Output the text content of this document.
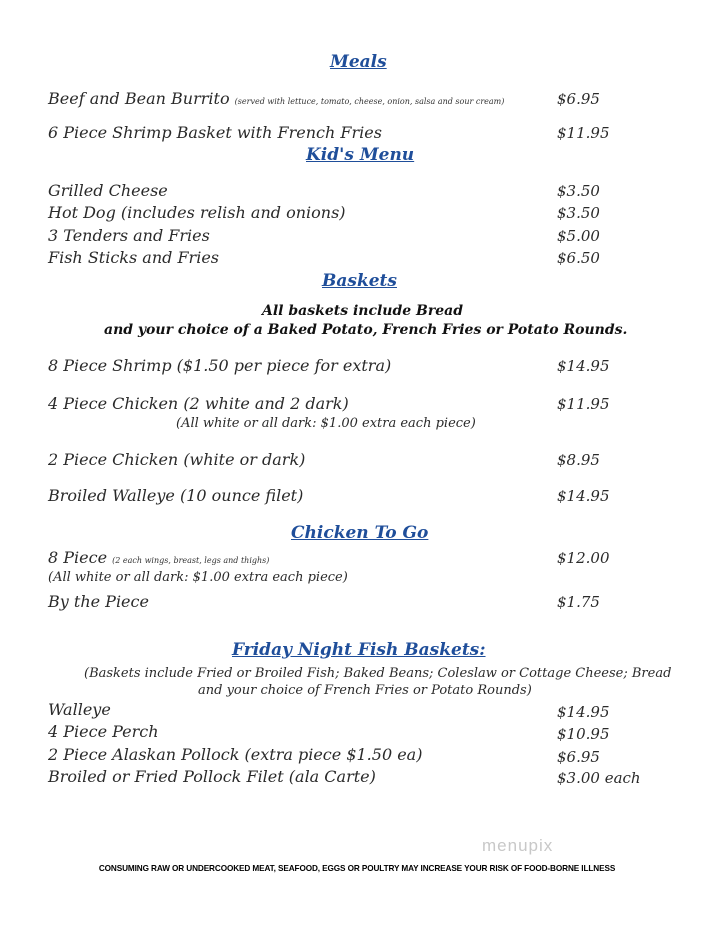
Meals
Beef and Bean Burrito (served with lettuce, tomato, cheese, onion, salsa and sour cream)	$6.95
6 Piece Shrimp Basket with French Fries	$11.95
Kid's Menu
Grilled Cheese	$3.50
Hot Dog (includes relish and onions)	$3.50
3 Tenders and Fries	$5.00
Fish Sticks and Fries	$6.50
Baskets
All baskets include Bread
and your choice of a Baked Potato, French Fries or Potato Rounds.
8 Piece Shrimp ($1.50 per piece for extra)	$14.95
4 Piece Chicken (2 white and 2 dark)	$11.95
(All white or all dark: $1.00 extra each piece)
2 Piece Chicken (white or dark)	$8.95
Broiled Walleye (10 ounce filet)	$14.95
Chicken To Go
8 Piece (2 each wings, breast, legs and thighs)	$12.00
(All white or all dark: $1.00 extra each piece)
By the Piece	$1.75
Friday Night Fish Baskets:
(Baskets include Fried or Broiled Fish; Baked Beans; Coleslaw or Cottage Cheese; Bread
and your choice of French Fries or Potato Rounds)
Walleye	$14.95
4 Piece Perch	$10.95
2 Piece Alaskan Pollock (extra piece $1.50 ea)	$6.95
Broiled or Fried Pollock Filet (ala Carte)	$3.00 each
menupix
CONSUMING RAW OR UNDERCOOKED MEAT, SEAFOOD, EGGS OR POULTRY MAY INCREASE YOUR RISK OF FOOD-BORNE ILLNESS
